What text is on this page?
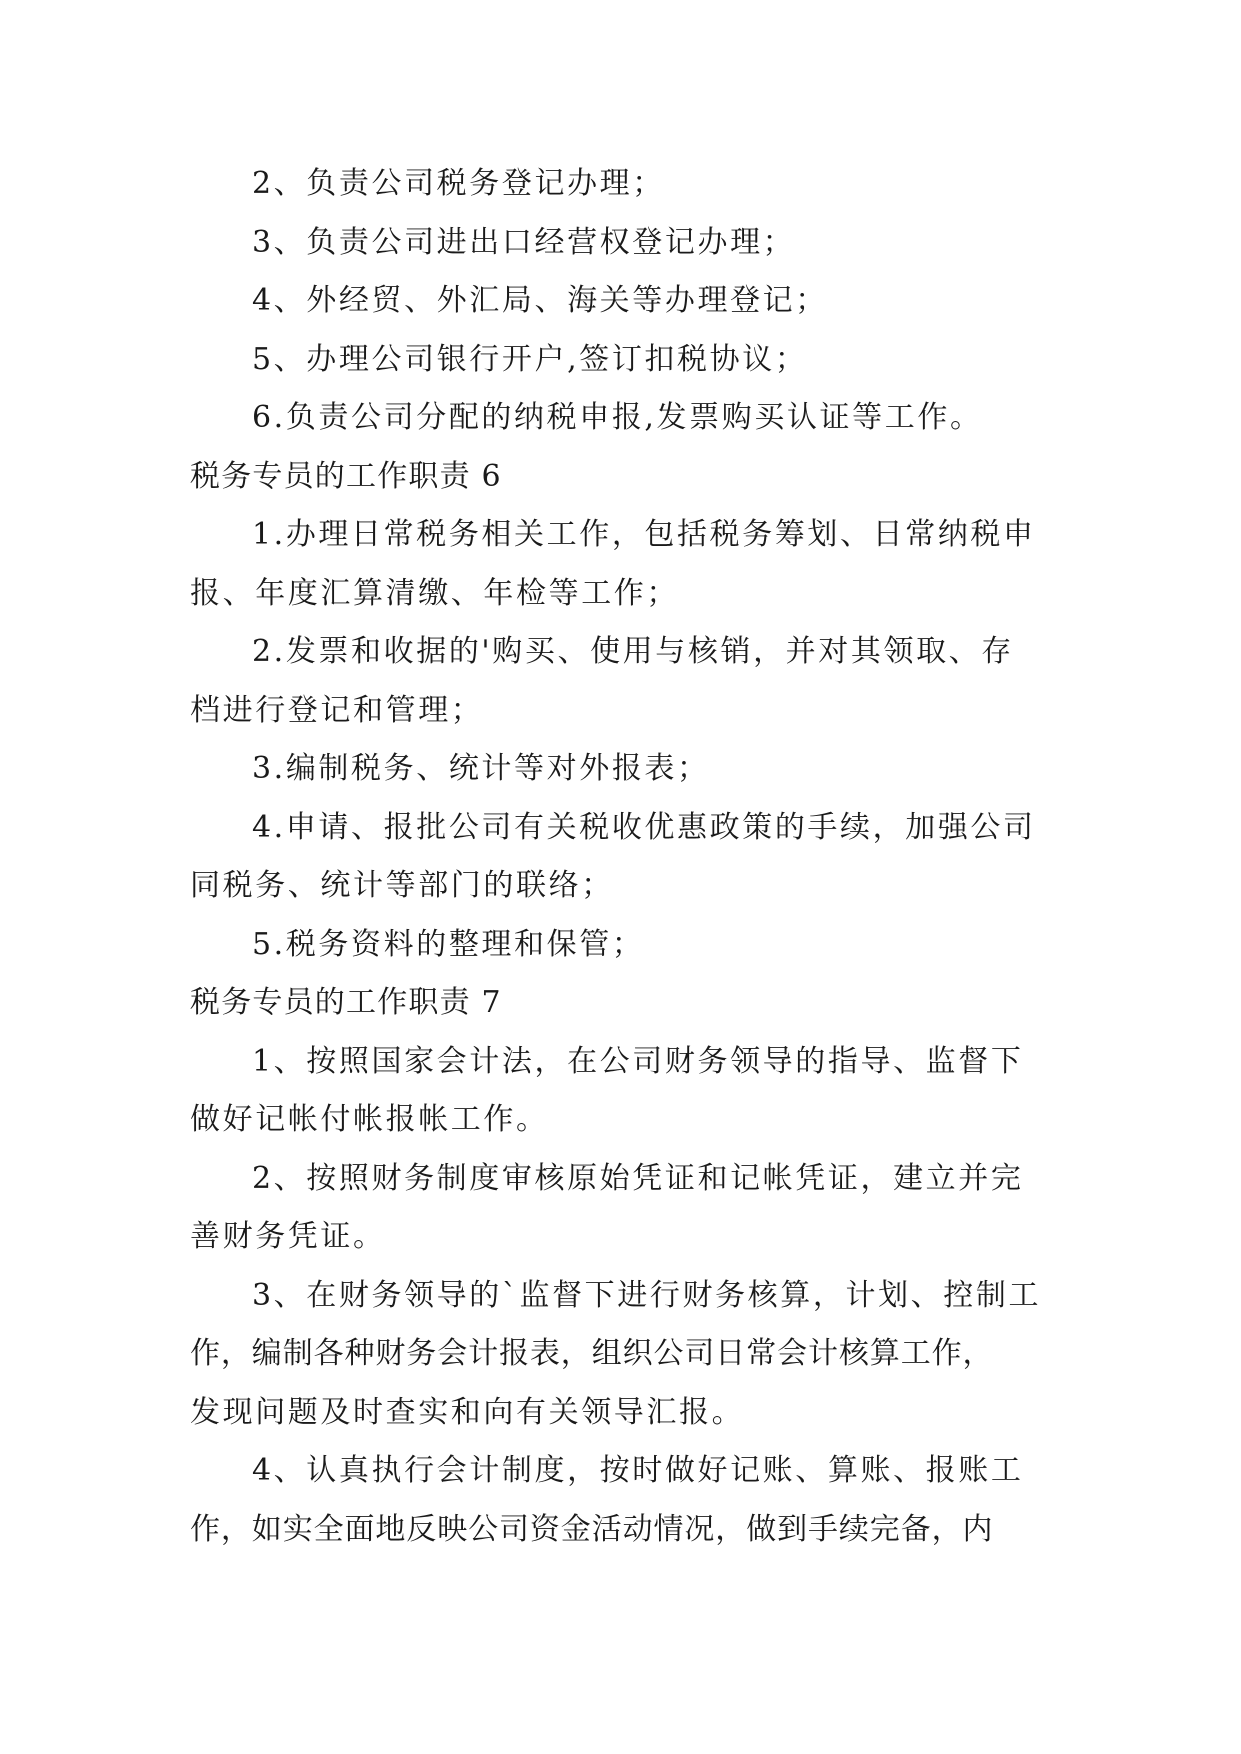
2、负责公司税务登记办理；
3、负责公司进出口经营权登记办理；
4、外经贸、外汇局、海关等办理登记；
5、办理公司银行开户,签订扣税协议；
6.负责公司分配的纳税申报,发票购买认证等工作。
税务专员的工作职责 6
1.办理日常税务相关工作，包括税务筹划、日常纳税申
报、年度汇算清缴、年检等工作；
2.发票和收据的'购买、使用与核销，并对其领取、存
档进行登记和管理；
3.编制税务、统计等对外报表；
4.申请、报批公司有关税收优惠政策的手续，加强公司
同税务、统计等部门的联络；
5.税务资料的整理和保管；
税务专员的工作职责 7
1、按照国家会计法，在公司财务领导的指导、监督下
做好记帐付帐报帐工作。
2、按照财务制度审核原始凭证和记帐凭证，建立并完
善财务凭证。
3、在财务领导的`监督下进行财务核算，计划、控制工
作，编制各种财务会计报表，组织公司日常会计核算工作，
发现问题及时查实和向有关领导汇报。
4、认真执行会计制度，按时做好记账、算账、报账工
作，如实全面地反映公司资金活动情况，做到手续完备，内
